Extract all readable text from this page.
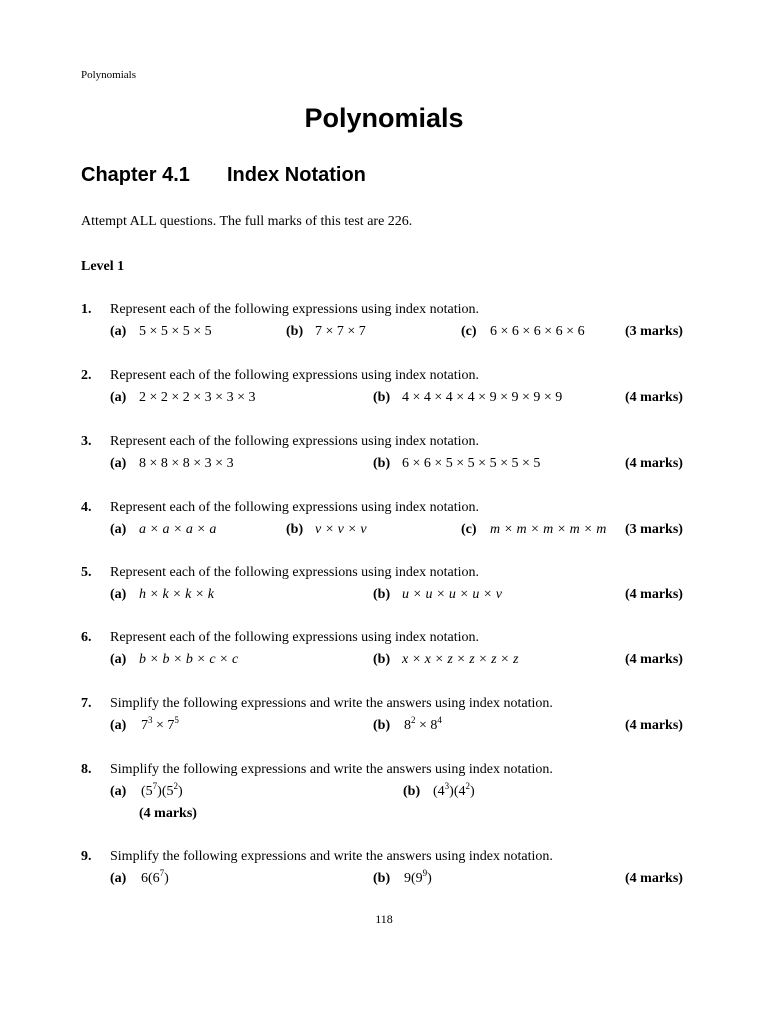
Polynomials
Polynomials
Chapter 4.1 Index Notation
Attempt ALL questions. The full marks of this test are 226.
Level 1
1. Represent each of the following expressions using index notation.
(a) 5 × 5 × 5 × 5	(b) 7 × 7 × 7	(c) 6 × 6 × 6 × 6 × 6	(3 marks)
2. Represent each of the following expressions using index notation.
(a) 2 × 2 × 2 × 3 × 3 × 3	(b) 4 × 4 × 4 × 4 × 9 × 9 × 9 × 9	(4 marks)
3. Represent each of the following expressions using index notation.
(a) 8 × 8 × 8 × 3 × 3	(b) 6 × 6 × 5 × 5 × 5 × 5 × 5	(4 marks)
4. Represent each of the following expressions using index notation.
(a) a × a × a × a	(b) v × v × v	(c) m × m × m × m × m (3 marks)
5. Represent each of the following expressions using index notation.
(a) h × k × k × k	(b) u × u × u × u × v	(4 marks)
6. Represent each of the following expressions using index notation.
(a) b × b × b × c × c	(b) x × x × z × z × z × z	(4 marks)
7. Simplify the following expressions and write the answers using index notation.
(a) $7^3 \times 7^5$	(b) $8^2 \times 8^4$	(4 marks)
8. Simplify the following expressions and write the answers using index notation.
(a) $(5^7)(5^2)$	(b) $(4^3)(4^2)$
(4 marks)
9. Simplify the following expressions and write the answers using index notation.
(a) $6(6^7)$	(b) $9(9^9)$	(4 marks)
118
